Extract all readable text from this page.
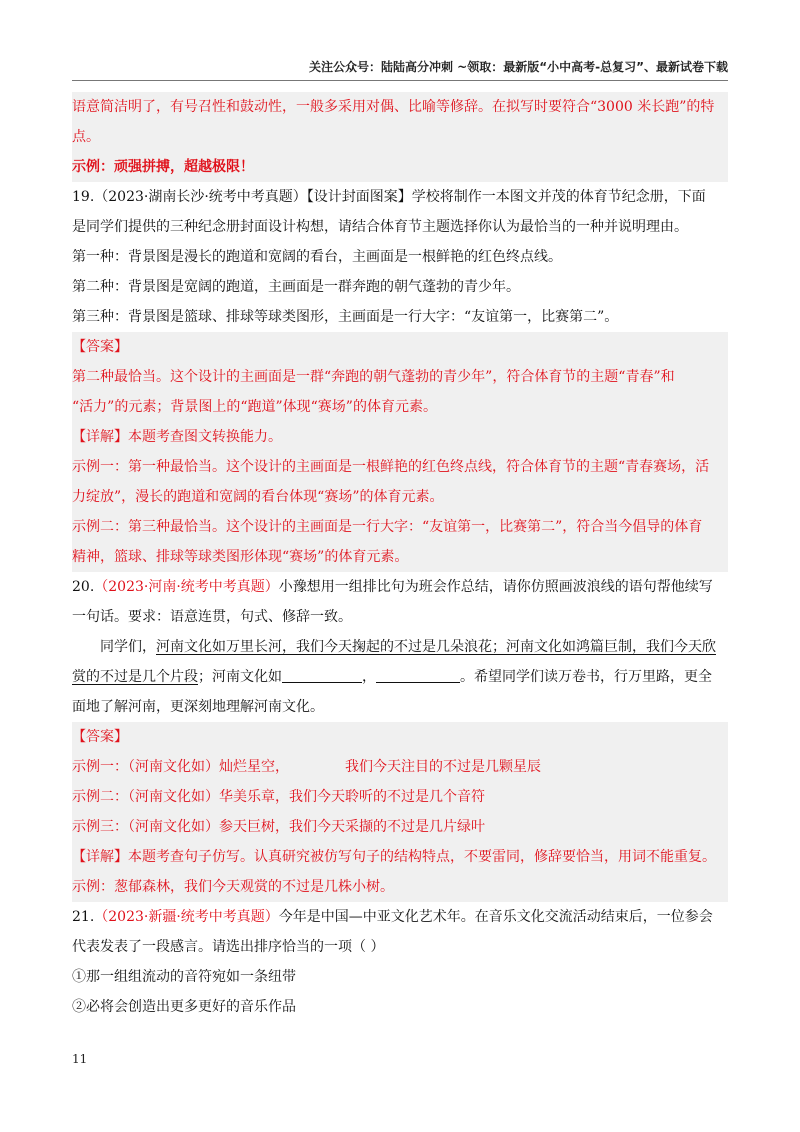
关注公众号：陆陆高分冲刺 ~领取：最新版“小中高考-总复习”、最新试卷下载
语意简洁明了，有号召性和鼓动性，一般多采用对偶、比喻等修辞。在拟写时要符合“3000 米长跑”的特
点。
示例：顽强拼搏，超越极限！
19.（2023·湖南长沙·统考中考真题）【设计封面图案】学校将制作一本图文并茂的体育节纪念册，下面
是同学们提供的三种纪念册封面设计构想，请结合体育节主题选择你认为最恰当的一种并说明理由。
第一种：背景图是漫长的跑道和宽阔的看台，主画面是一根鲜艳的红色终点线。
第二种：背景图是宽阔的跑道，主画面是一群奔跑的朝气蓬勃的青少年。
第三种：背景图是篮球、排球等球类图形，主画面是一行大字：“友谊第一，比赛第二”。
【答案】
第二种最恰当。这个设计的主画面是一群“奔跑的朝气蓬勃的青少年”，符合体育节的主题“青春”和
“活力”的元素；背景图上的“跑道”体现“赛场”的体育元素。
【详解】本题考查图文转换能力。
示例一：第一种最恰当。这个设计的主画面是一根鲜艳的红色终点线，符合体育节的主题“青春赛场，活
力绽放”，漫长的跑道和宽阔的看台体现“赛场”的体育元素。
示例二：第三种最恰当。这个设计的主画面是一行大字：“友谊第一，比赛第二”，符合当今倡导的体育
精神，篮球、排球等球类图形体现“赛场”的体育元素。
20.（2023·河南·统考中考真题）小豫想用一组排比句为班会作总结，请你仿照画波浪线的语句帮他续写
一句话。要求：语意连贯，句式、修辞一致。
同学们，河南文化如万里长河，我们今天掬起的不过是几朵浪花；河南文化如鸿篇巨制，我们今天欣
赏的不过是几个片段；河南文化如	，	。希望同学们读万卷书，行万里路，更全
面地了解河南，更深刻地理解河南文化。
【答案】
示例一：（河南文化如）灿烂星空，	我们今天注目的不过是几颗星辰
示例二：（河南文化如）华美乐章，我们今天聆听的不过是几个音符
示例三：（河南文化如）参天巨树，我们今天采撷的不过是几片绿叶
【详解】本题考查句子仿写。认真研究被仿写句子的结构特点，不要雷同，修辞要恰当，用词不能重复。
示例：葱郁森林，我们今天观赏的不过是几株小树。
21.（2023·新疆·统考中考真题）今年是中国—中亚文化艺术年。在音乐文化交流活动结束后，一位参会
代表发表了一段感言。请选出排序恰当的一项（ ）
①那一组组流动的音符宛如一条纽带
②必将会创造出更多更好的音乐作品
11
